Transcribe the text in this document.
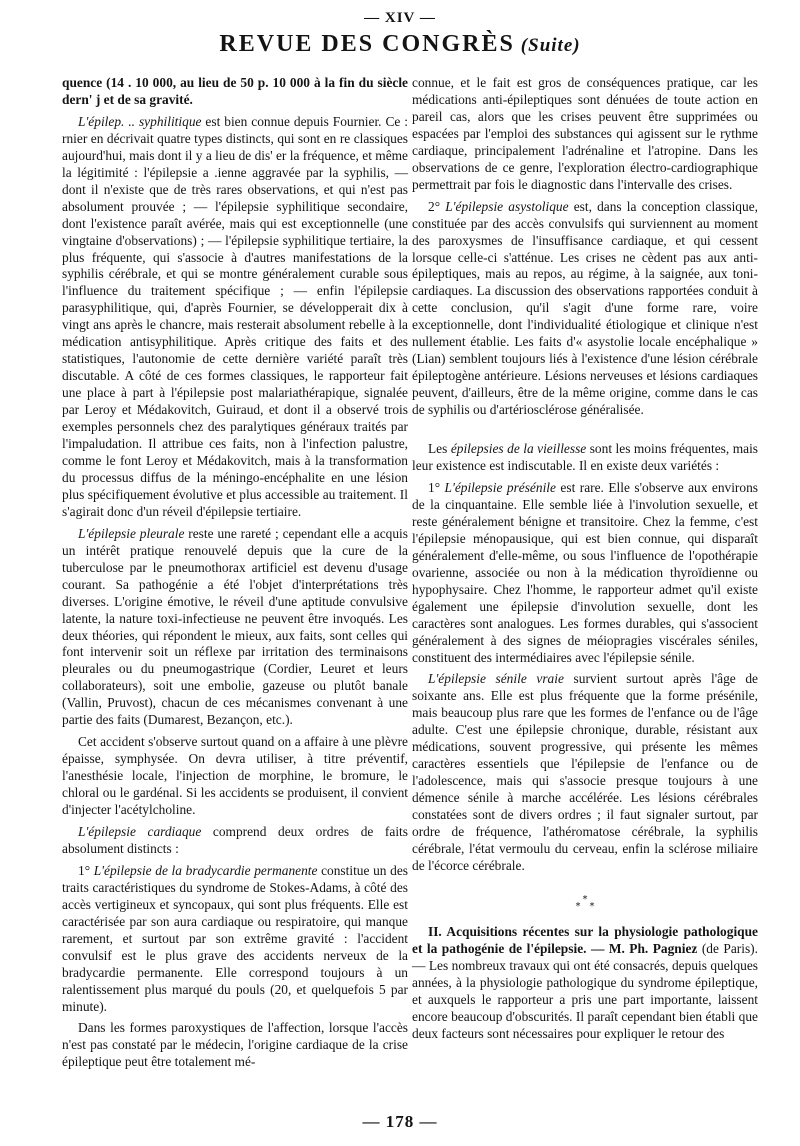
— XIV —
REVUE DES CONGRÈS (Suite)

quence (14 . 10 000, au lieu de 50 p. 10 000 à la fin du siècle dern' j et de sa gravité.

L'épilep. .. syphilitique est bien connue depuis Fournier. Ce : rnier en décrivait quatre types distincts, qui sont en re classiques aujourd'hui, mais dont il y a lieu de dis' er la fréquence, et même la légitimité : l'épilepsie a .ienne aggravée par la syphilis, — dont il n'existe que de très rares observations, et qui n'est pas absolument prouvée ; — l'épilepsie syphilitique secondaire, dont l'existence paraît avérée, mais qui est exceptionnelle (une vingtaine d'observations) ; — l'épilepsie syphilitique tertiaire, la plus fréquente, qui s'associe à d'autres manifestations de la syphilis cérébrale, et qui se montre généralement curable sous l'influence du traitement spécifique ; — enfin l'épilepsie parasyphilitique, qui, d'après Fournier, se développerait dix à vingt ans après le chancre, mais resterait absolument rebelle à la médication antisyphilitique. Après critique des faits et des statistiques, l'autonomie de cette dernière variété paraît très discutable. A côté de ces formes classiques, le rapporteur fait une place à part à l'épilepsie post malariathérapique, signalée par Leroy et Médakovitch, Guiraud, et dont il a observé trois exemples personnels chez des paralytiques généraux traités par l'impaludation. Il attribue ces faits, non à l'infection palustre, comme le font Leroy et Médakovitch, mais à la transformation du processus diffus de la méningo-encéphalite en une lésion plus spécifiquement évolutive et plus accessible au traitement. Il s'agirait donc d'un réveil d'épilepsie tertiaire.

L'épilepsie pleurale reste une rareté ; cependant elle a acquis un intérêt pratique renouvelé depuis que la cure de la tuberculose par le pneumothorax artificiel est devenu d'usage courant. Sa pathogénie a été l'objet d'interprétations très diverses. L'origine émotive, le réveil d'une aptitude convulsive latente, la nature toxi-infectieuse ne peuvent être invoqués. Les deux théories, qui répondent le mieux, aux faits, sont celles qui font intervenir soit un réflexe par irritation des terminaisons pleurales ou du pneumogastrique (Cordier, Leuret et leurs collaborateurs), soit une embolie, gazeuse ou plutôt banale (Vallin, Pruvost), chacun de ces mécanismes convenant à une partie des faits (Dumarest, Bezançon, etc.).

Cet accident s'observe surtout quand on a affaire à une plèvre épaisse, symphysée. On devra utiliser, à titre préventif, l'anesthésie locale, l'injection de morphine, le bromure, le chloral ou le gardénal. Si les accidents se produisent, il convient d'injecter l'acétylcholine.

L'épilepsie cardiaque comprend deux ordres de faits absolument distincts :

1° L'épilepsie de la bradycardie permanente constitue un des traits caractéristiques du syndrome de Stokes-Adams, à côté des accès vertigineux et syncopaux, qui sont plus fréquents. Elle est caractérisée par son aura cardiaque ou respiratoire, qui manque rarement, et surtout par son extrême gravité : l'accident convulsif est le plus grave des accidents nerveux de la bradycardie permanente. Elle correspond toujours à un ralentissement plus marqué du pouls (20, et quelquefois 5 par minute).

Dans les formes paroxystiques de l'affection, lorsque l'accès n'est pas constaté par le médecin, l'origine cardiaque de la crise épileptique peut être totalement mé-

connue, et le fait est gros de conséquences pratique, car les médications anti-épileptiques sont dénuées de toute action en pareil cas, alors que les crises peuvent être supprimées ou espacées par l'emploi des substances qui agissent sur le rythme cardiaque, principalement l'adrénaline et l'atropine. Dans les observations de ce genre, l'exploration électro-cardiographique permettrait par fois le diagnostic dans l'intervalle des crises.

2° L'épilepsie asystolique est, dans la conception classique, constituée par des accès convulsifs qui surviennent au moment des paroxysmes de l'insuffisance cardiaque, et qui cessent lorsque celle-ci s'atténue. Les crises ne cèdent pas aux anti-épileptiques, mais au repos, au régime, à la saignée, aux toni-cardiaques. La discussion des observations rapportées conduit à cette conclusion, qu'il s'agit d'une forme rare, voire exceptionnelle, dont l'individualité étiologique et clinique n'est nullement établie. Les faits d'« asystolie locale encéphalique » (Lian) semblent toujours liés à l'existence d'une lésion cérébrale épileptogène antérieure. Lésions nerveuses et lésions cardiaques peuvent, d'ailleurs, être de la même origine, comme dans le cas de syphilis ou d'artériosclérose généralisée.

Les épilepsies de la vieillesse sont les moins fréquentes, mais leur existence est indiscutable. Il en existe deux variétés :

1° L'épilepsie présénile est rare. Elle s'observe aux environs de la cinquantaine. Elle semble liée à l'involution sexuelle, et reste généralement bénigne et transitoire. Chez la femme, c'est l'épilepsie ménopausique, qui est bien connue, qui disparaît généralement d'elle-même, ou sous l'influence de l'opothérapie ovarienne, associée ou non à la médication thyroïdienne ou hypophysaire. Chez l'homme, le rapporteur admet qu'il existe également une épilepsie d'involution sexuelle, dont les caractères sont analogues. Les formes durables, qui s'associent généralement à des signes de méiopragies viscérales séniles, constituent des intermédiaires avec l'épilepsie sénile.

L'épilepsie sénile vraie survient surtout après l'âge de soixante ans. Elle est plus fréquente que la forme présénile, mais beaucoup plus rare que les formes de l'enfance ou de l'âge adulte. C'est une épilepsie chronique, durable, résistant aux médications, souvent progressive, qui présente les mêmes caractères essentiels que l'épilepsie de l'enfance ou de l'adolescence, mais qui s'associe presque toujours à une démence sénile à marche accélérée. Les lésions cérébrales constatées sont de divers ordres ; il faut signaler surtout, par ordre de fréquence, l'athéromatose cérébrale, la syphilis cérébrale, l'état vermoulu du cerveau, enfin la sclérose miliaire de l'écorce cérébrale.

*
* *

II. Acquisitions récentes sur la physiologie pathologique et la pathogénie de l'épilepsie. — M. Ph. Pagniez (de Paris). — Les nombreux travaux qui ont été consacrés, depuis quelques années, à la physiologie pathologique du syndrome épileptique, et auxquels le rapporteur a pris une part importante, laissent encore beaucoup d'obscurités. Il paraît cependant bien établi que deux facteurs sont nécessaires pour expliquer le retour des

— 178 —
